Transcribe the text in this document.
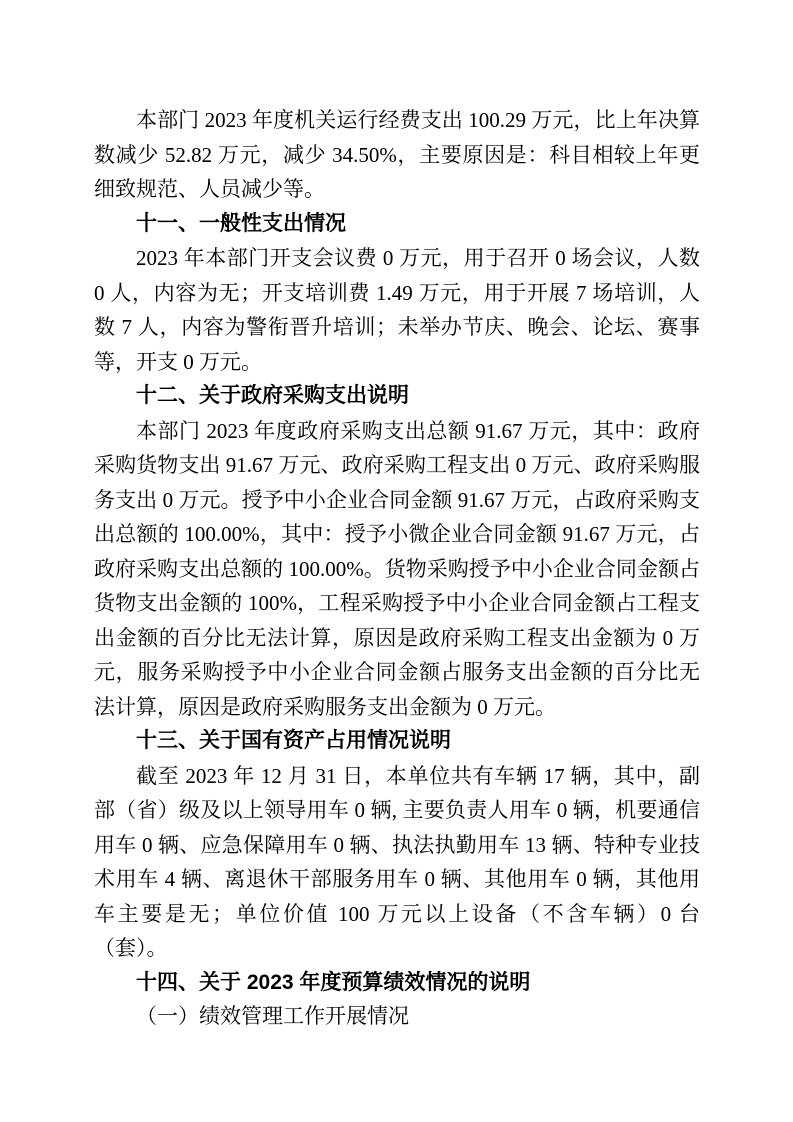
本部门 2023 年度机关运行经费支出 100.29 万元，比上年决算数减少 52.82 万元，减少 34.50%，主要原因是：科目相较上年更细致规范、人员减少等。

十一、一般性支出情况

2023 年本部门开支会议费 0 万元，用于召开 0 场会议，人数 0 人，内容为无；开支培训费 1.49 万元，用于开展 7 场培训，人数 7 人，内容为警衔晋升培训；未举办节庆、晚会、论坛、赛事等，开支 0 万元。

十二、关于政府采购支出说明

本部门 2023 年度政府采购支出总额 91.67 万元，其中：政府采购货物支出 91.67 万元、政府采购工程支出 0 万元、政府采购服务支出 0 万元。授予中小企业合同金额 91.67 万元，占政府采购支出总额的 100.00%，其中：授予小微企业合同金额 91.67 万元，占政府采购支出总额的 100.00%。货物采购授予中小企业合同金额占货物支出金额的 100%，工程采购授予中小企业合同金额占工程支出金额的百分比无法计算，原因是政府采购工程支出金额为 0 万元，服务采购授予中小企业合同金额占服务支出金额的百分比无法计算，原因是政府采购服务支出金额为 0 万元。

十三、关于国有资产占用情况说明

截至 2023 年 12 月 31 日，本单位共有车辆 17 辆，其中，副部（省）级及以上领导用车 0 辆, 主要负责人用车 0 辆，机要通信用车 0 辆、应急保障用车 0 辆、执法执勤用车 13 辆、特种专业技术用车 4 辆、离退休干部服务用车 0 辆、其他用车 0 辆，其他用车主要是无；单位价值 100 万元以上设备（不含车辆）0 台（套）。

十四、关于 2023 年度预算绩效情况的说明

（一）绩效管理工作开展情况
